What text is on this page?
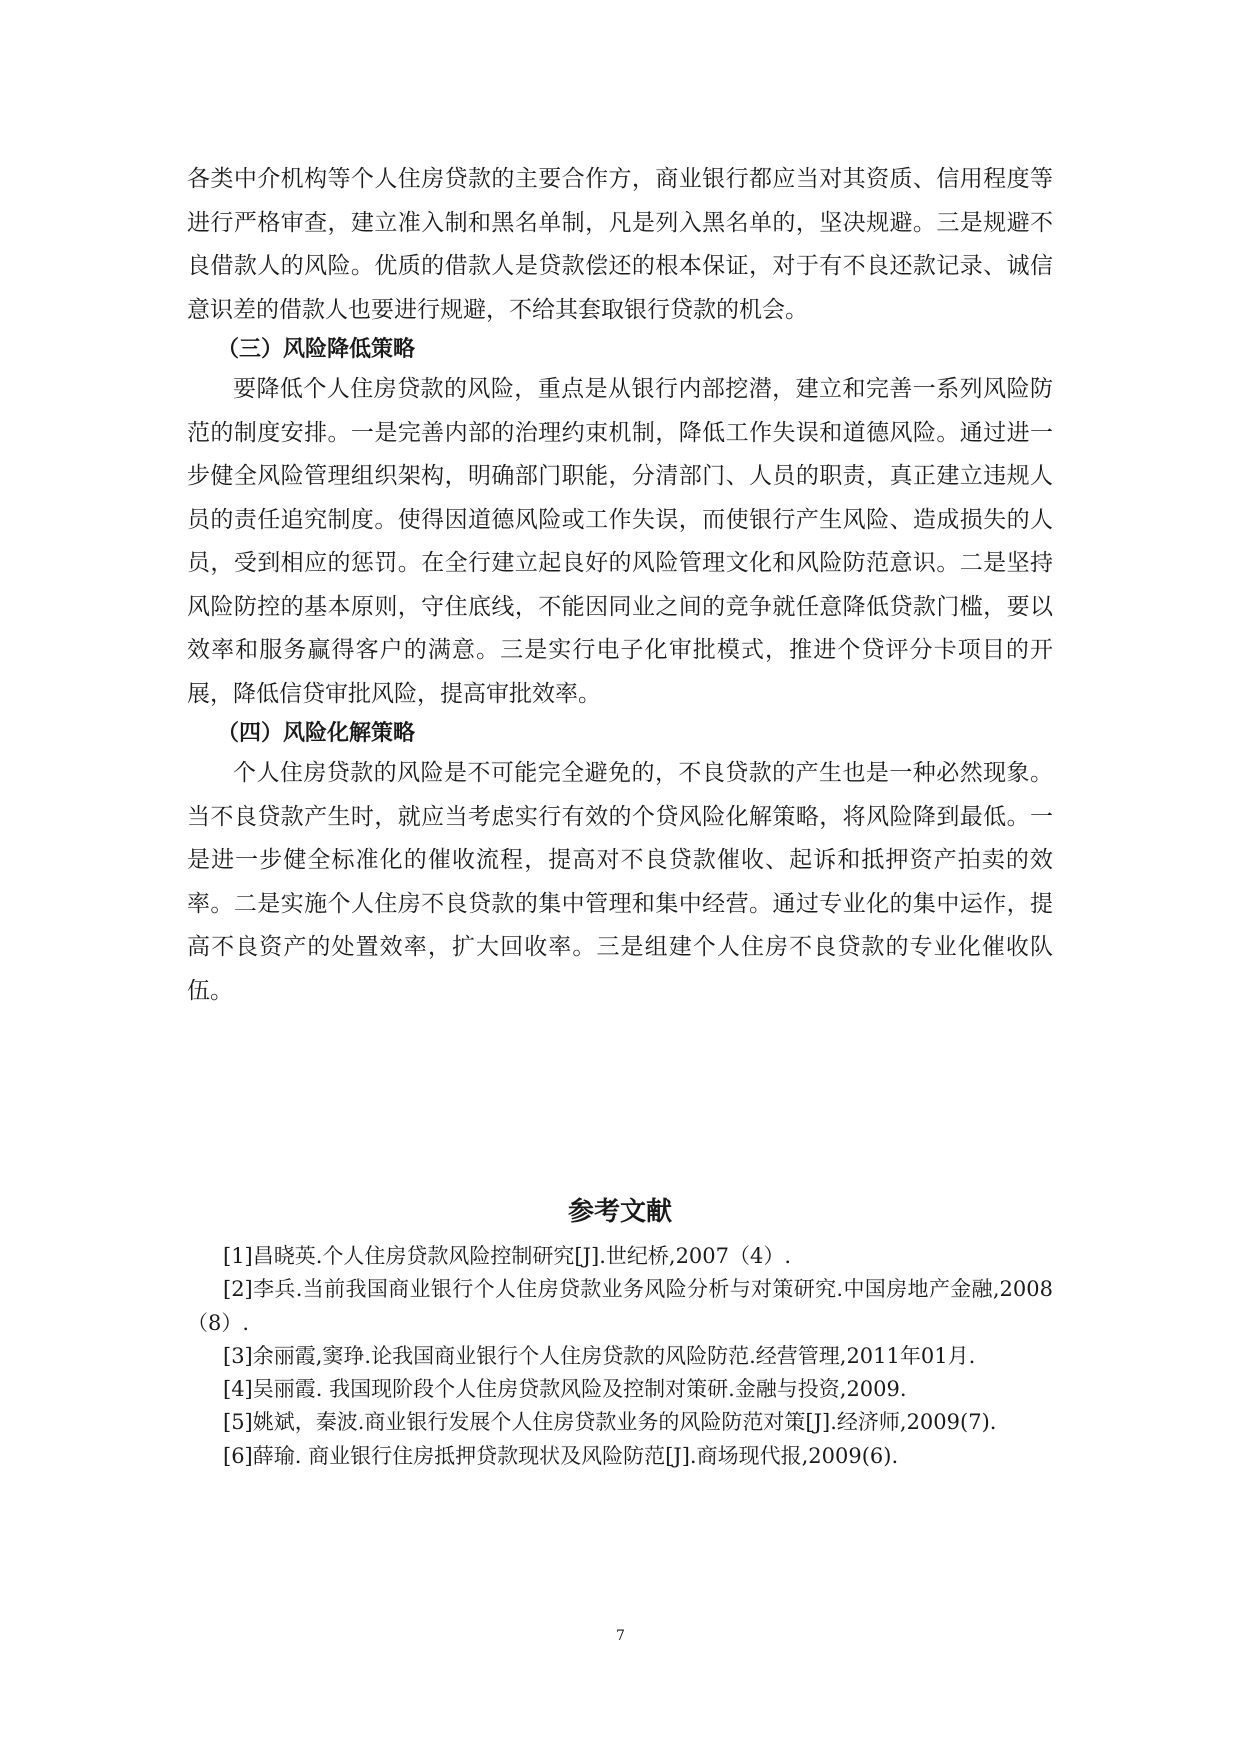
各类中介机构等个人住房贷款的主要合作方，商业银行都应当对其资质、信用程度等进行严格审查，建立准入制和黑名单制，凡是列入黑名单的，坚决规避。三是规避不良借款人的风险。优质的借款人是贷款偿还的根本保证，对于有不良还款记录、诚信意识差的借款人也要进行规避，不给其套取银行贷款的机会。

（三）风险降低策略

要降低个人住房贷款的风险，重点是从银行内部挖潜，建立和完善一系列风险防范的制度安排。一是完善内部的治理约束机制，降低工作失误和道德风险。通过进一步健全风险管理组织架构，明确部门职能，分清部门、人员的职责，真正建立违规人员的责任追究制度。使得因道德风险或工作失误，而使银行产生风险、造成损失的人员，受到相应的惩罚。在全行建立起良好的风险管理文化和风险防范意识。二是坚持风险防控的基本原则，守住底线，不能因同业之间的竞争就任意降低贷款门槛，要以效率和服务赢得客户的满意。三是实行电子化审批模式，推进个贷评分卡项目的开展，降低信贷审批风险，提高审批效率。

（四）风险化解策略

个人住房贷款的风险是不可能完全避免的，不良贷款的产生也是一种必然现象。当不良贷款产生时，就应当考虑实行有效的个贷风险化解策略，将风险降到最低。一是进一步健全标准化的催收流程，提高对不良贷款催收、起诉和抵押资产拍卖的效率。二是实施个人住房不良贷款的集中管理和集中经营。通过专业化的集中运作，提高不良资产的处置效率，扩大回收率。三是组建个人住房不良贷款的专业化催收队伍。

参考文献

[1]昌晓英.个人住房贷款风险控制研究[J].世纪桥,2007（4）.

[2]李兵.当前我国商业银行个人住房贷款业务风险分析与对策研究.中国房地产金融,2008（8）.

[3]余丽霞,窦琤.论我国商业银行个人住房贷款的风险防范.经营管理,2011年01月.

[4]吴丽霞. 我国现阶段个人住房贷款风险及控制对策研.金融与投资,2009.

[5]姚斌，秦波.商业银行发展个人住房贷款业务的风险防范对策[J].经济师,2009(7).

[6]薛瑜. 商业银行住房抵押贷款现状及风险防范[J].商场现代报,2009(6).

7
